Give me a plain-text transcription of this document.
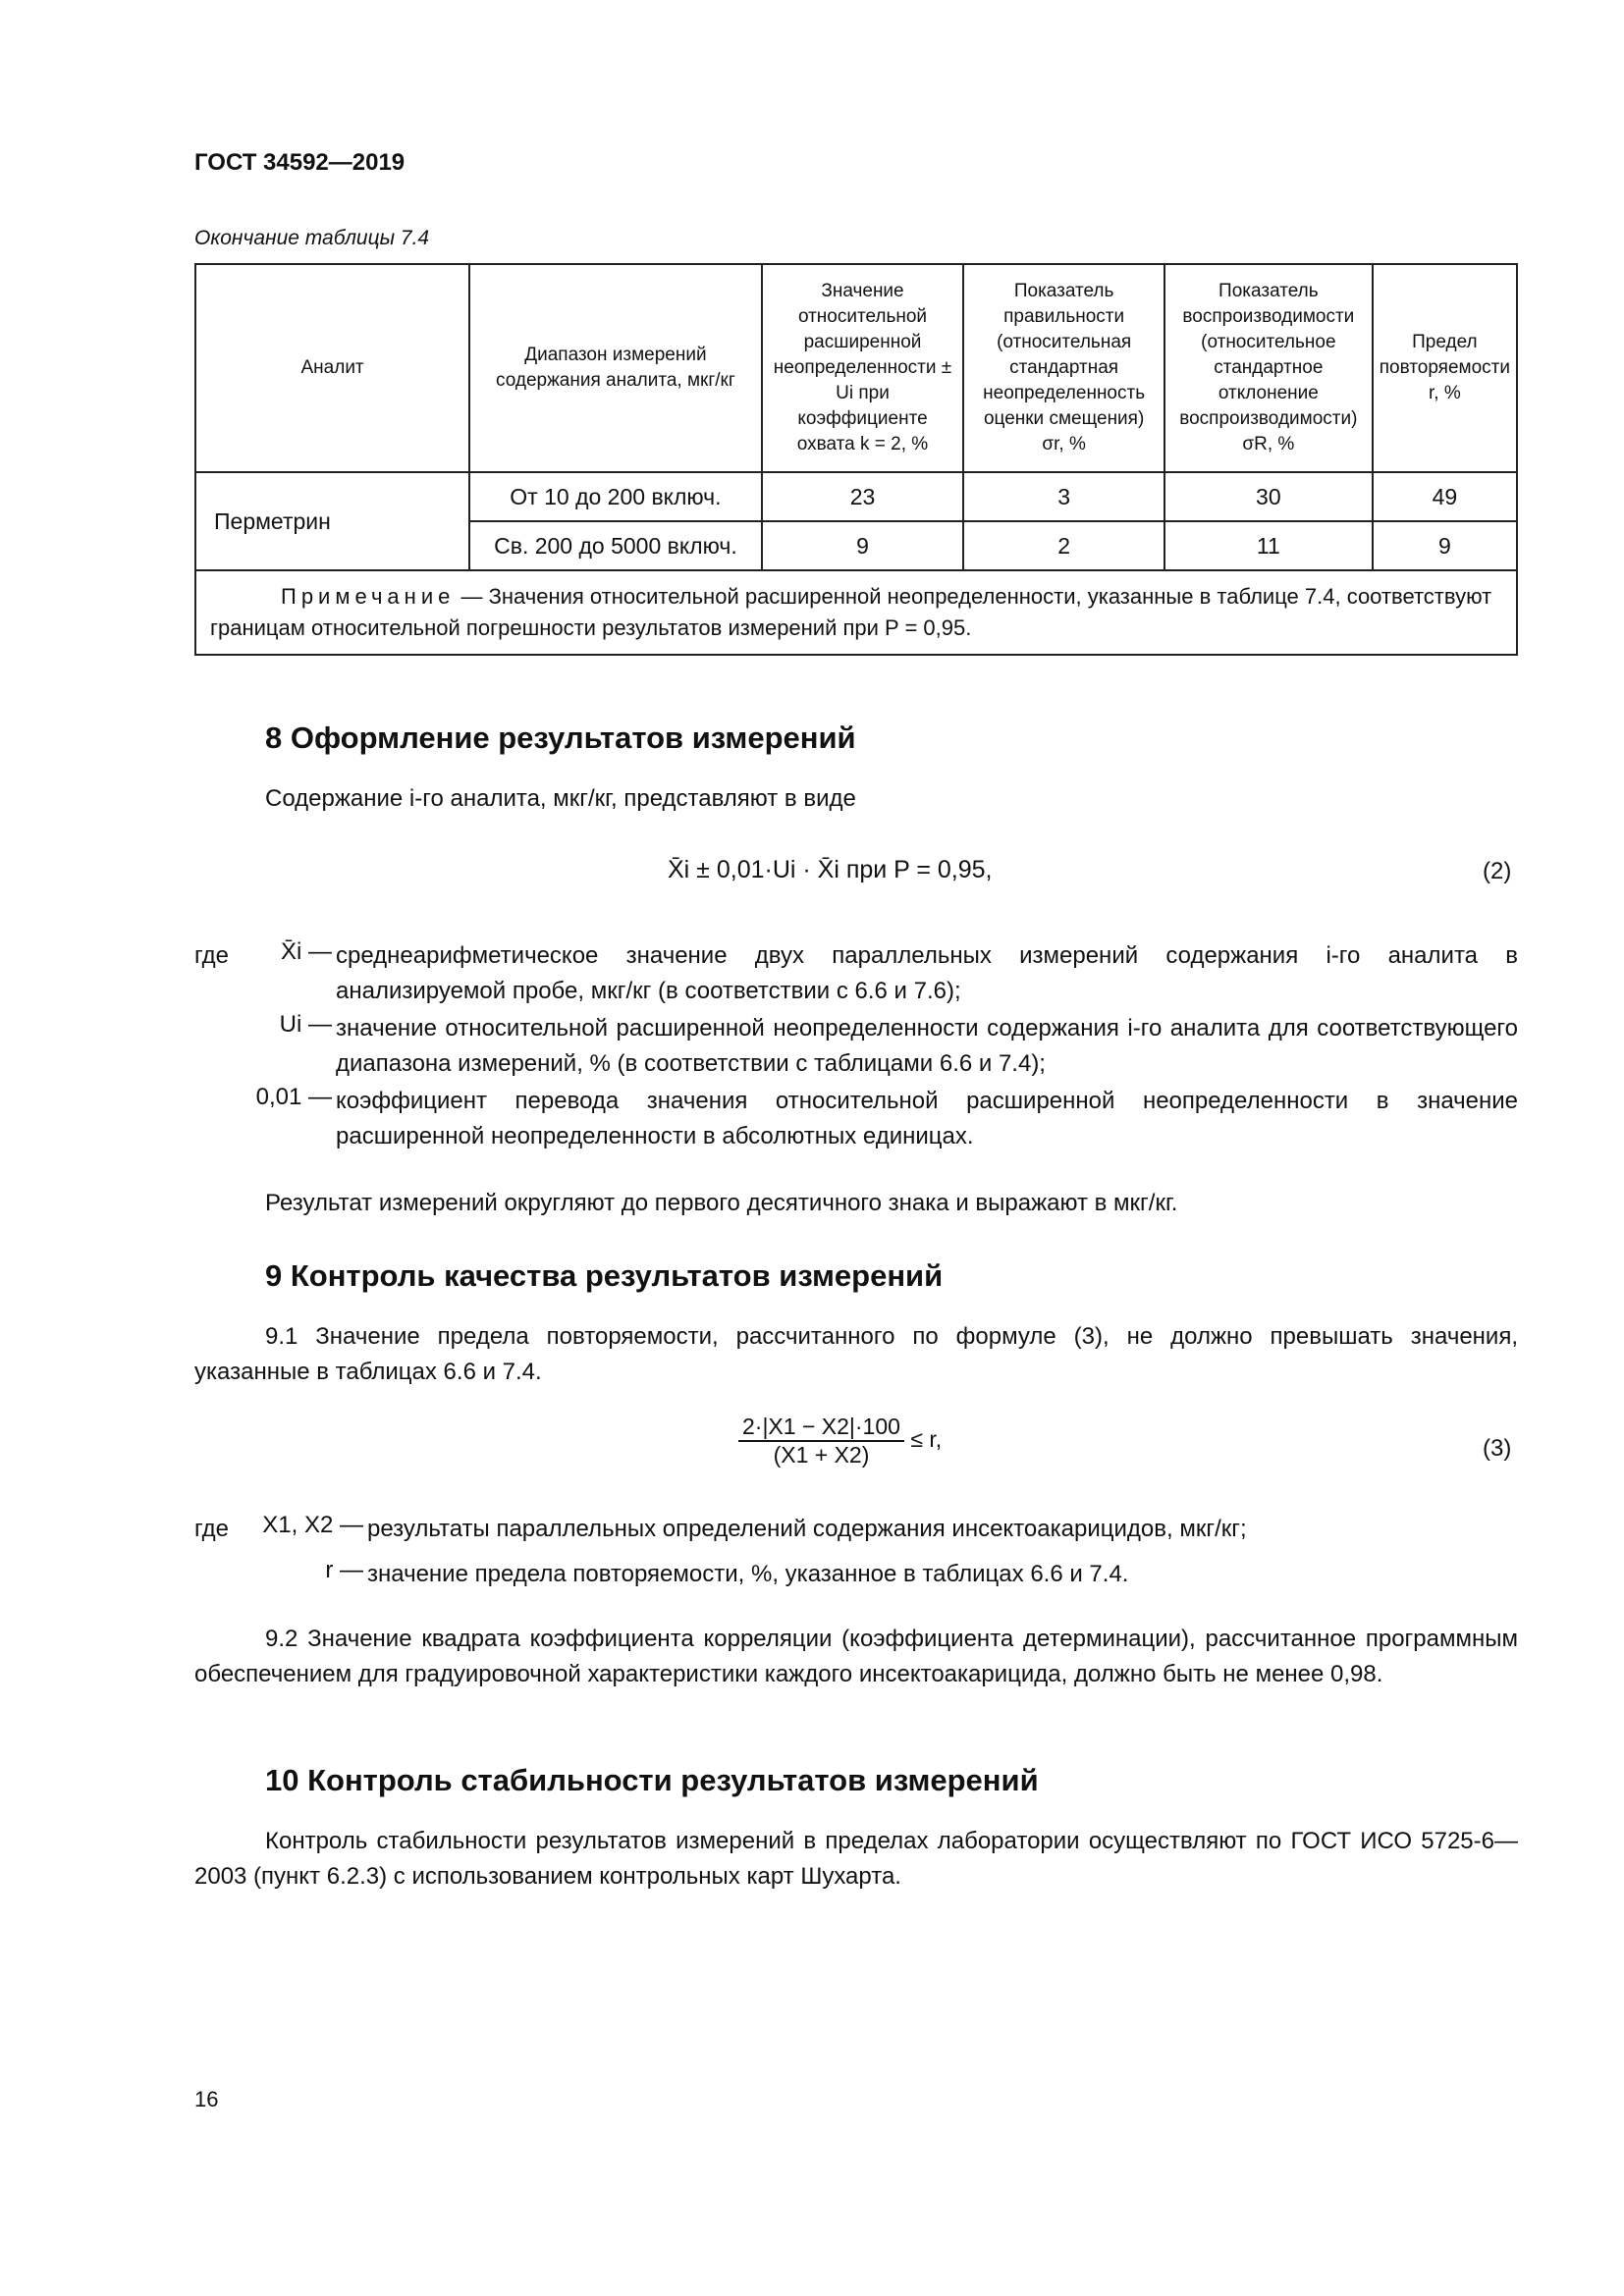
ГОСТ 34592—2019
Окончание таблицы 7.4
Аналит	Диапазон измерений содержания аналита, мкг/кг	Значение относительной расширенной неопределенности ± Ui при коэффициенте охвата k = 2, %	Показатель правильности (относительная стандартная неопределенность оценки смещения) σr, %	Показатель воспроизводимости (относительное стандартное отклонение воспроизводимости) σR, %	Предел повторяемости r, %
Перметрин	От 10 до 200 включ.	23	3	30	49
	Св. 200 до 5000 включ.	9	2	11	9
Примечание — Значения относительной расширенной неопределенности, указанные в таблице 7.4, соответствуют границам относительной погрешности результатов измерений при P = 0,95.					
8 Оформление результатов измерений
Содержание i-го аналита, мкг/кг, представляют в виде
X̄i ± 0,01·Ui · X̄i при P = 0,95,	(2)
где	X̄i — среднеарифметическое значение двух параллельных измерений содержания i-го аналита в анализируемой пробе, мкг/кг (в соответствии с 6.6 и 7.6);
Ui — значение относительной расширенной неопределенности содержания i-го аналита для соответствующего диапазона измерений, % (в соответствии с таблицами 6.6 и 7.4);
0,01 — коэффициент перевода значения относительной расширенной неопределенности в значение расширенной неопределенности в абсолютных единицах.
Результат измерений округляют до первого десятичного знака и выражают в мкг/кг.
9 Контроль качества результатов измерений
9.1 Значение предела повторяемости, рассчитанного по формуле (3), не должно превышать значения, указанные в таблицах 6.6 и 7.4.
$\frac{2\cdot|X1 - X2|\cdot 100}{(X1 + X2)} \le r$,	(3)
где	X1, X2 — результаты параллельных определений содержания инсектоакарицидов, мкг/кг;
r — значение предела повторяемости, %, указанное в таблицах 6.6 и 7.4.
9.2 Значение квадрата коэффициента корреляции (коэффициента детерминации), рассчитанное программным обеспечением для градуировочной характеристики каждого инсектоакарицида, должно быть не менее 0,98.
10 Контроль стабильности результатов измерений
Контроль стабильности результатов измерений в пределах лаборатории осуществляют по ГОСТ ИСО 5725-6—2003 (пункт 6.2.3) с использованием контрольных карт Шухарта.
16
